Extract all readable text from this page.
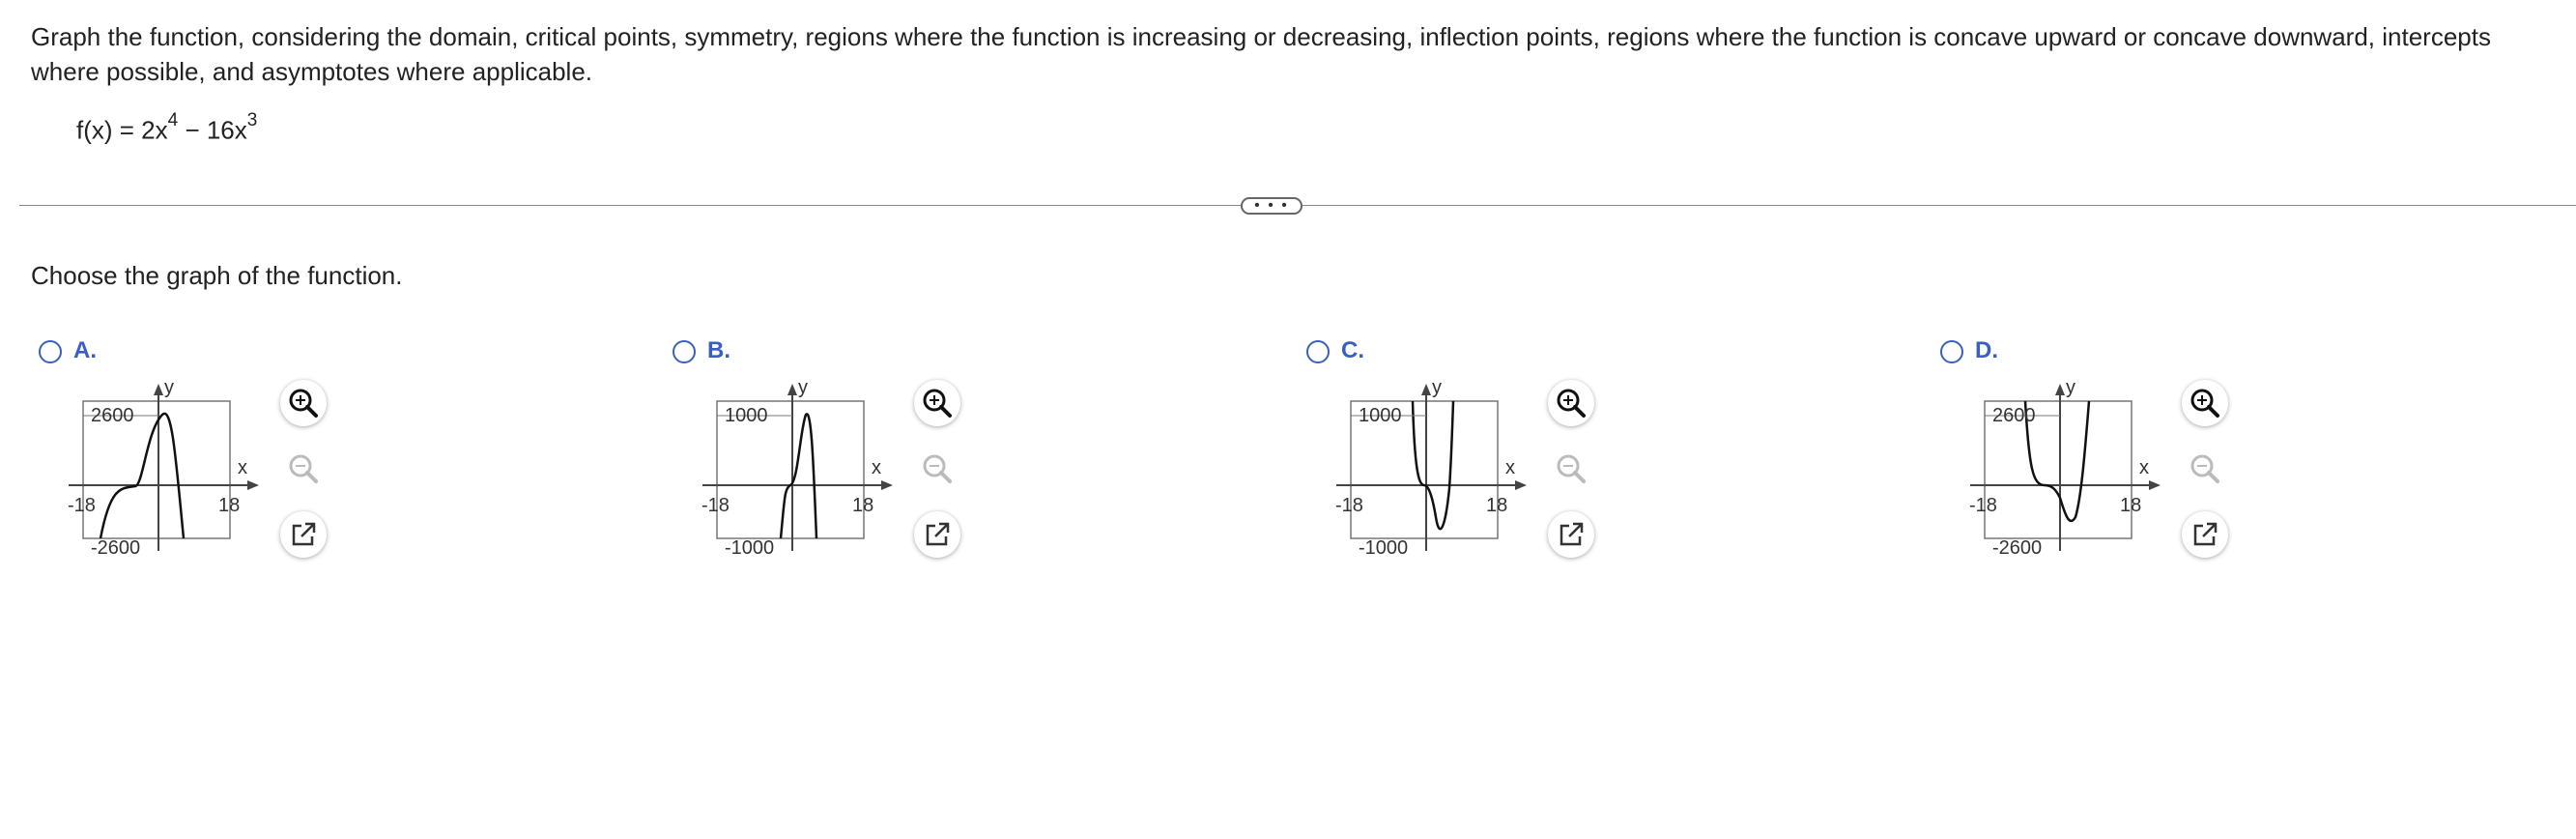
Graph the function, considering the domain, critical points, symmetry, regions where the function is increasing or decreasing, inflection points, regions where the function is concave upward or concave downward, intercepts where possible, and asymptotes where applicable.
$f(x) = 2x^4 - 16x^3$
• • •
Choose the graph of the function.
A.
2600
-2600
-18	18
x
y
B.
1000
-1000
-18	18
x
y
C.
1000
-1000
-18	18
x
y
D.
2600
-2600
-18	18
x
y
